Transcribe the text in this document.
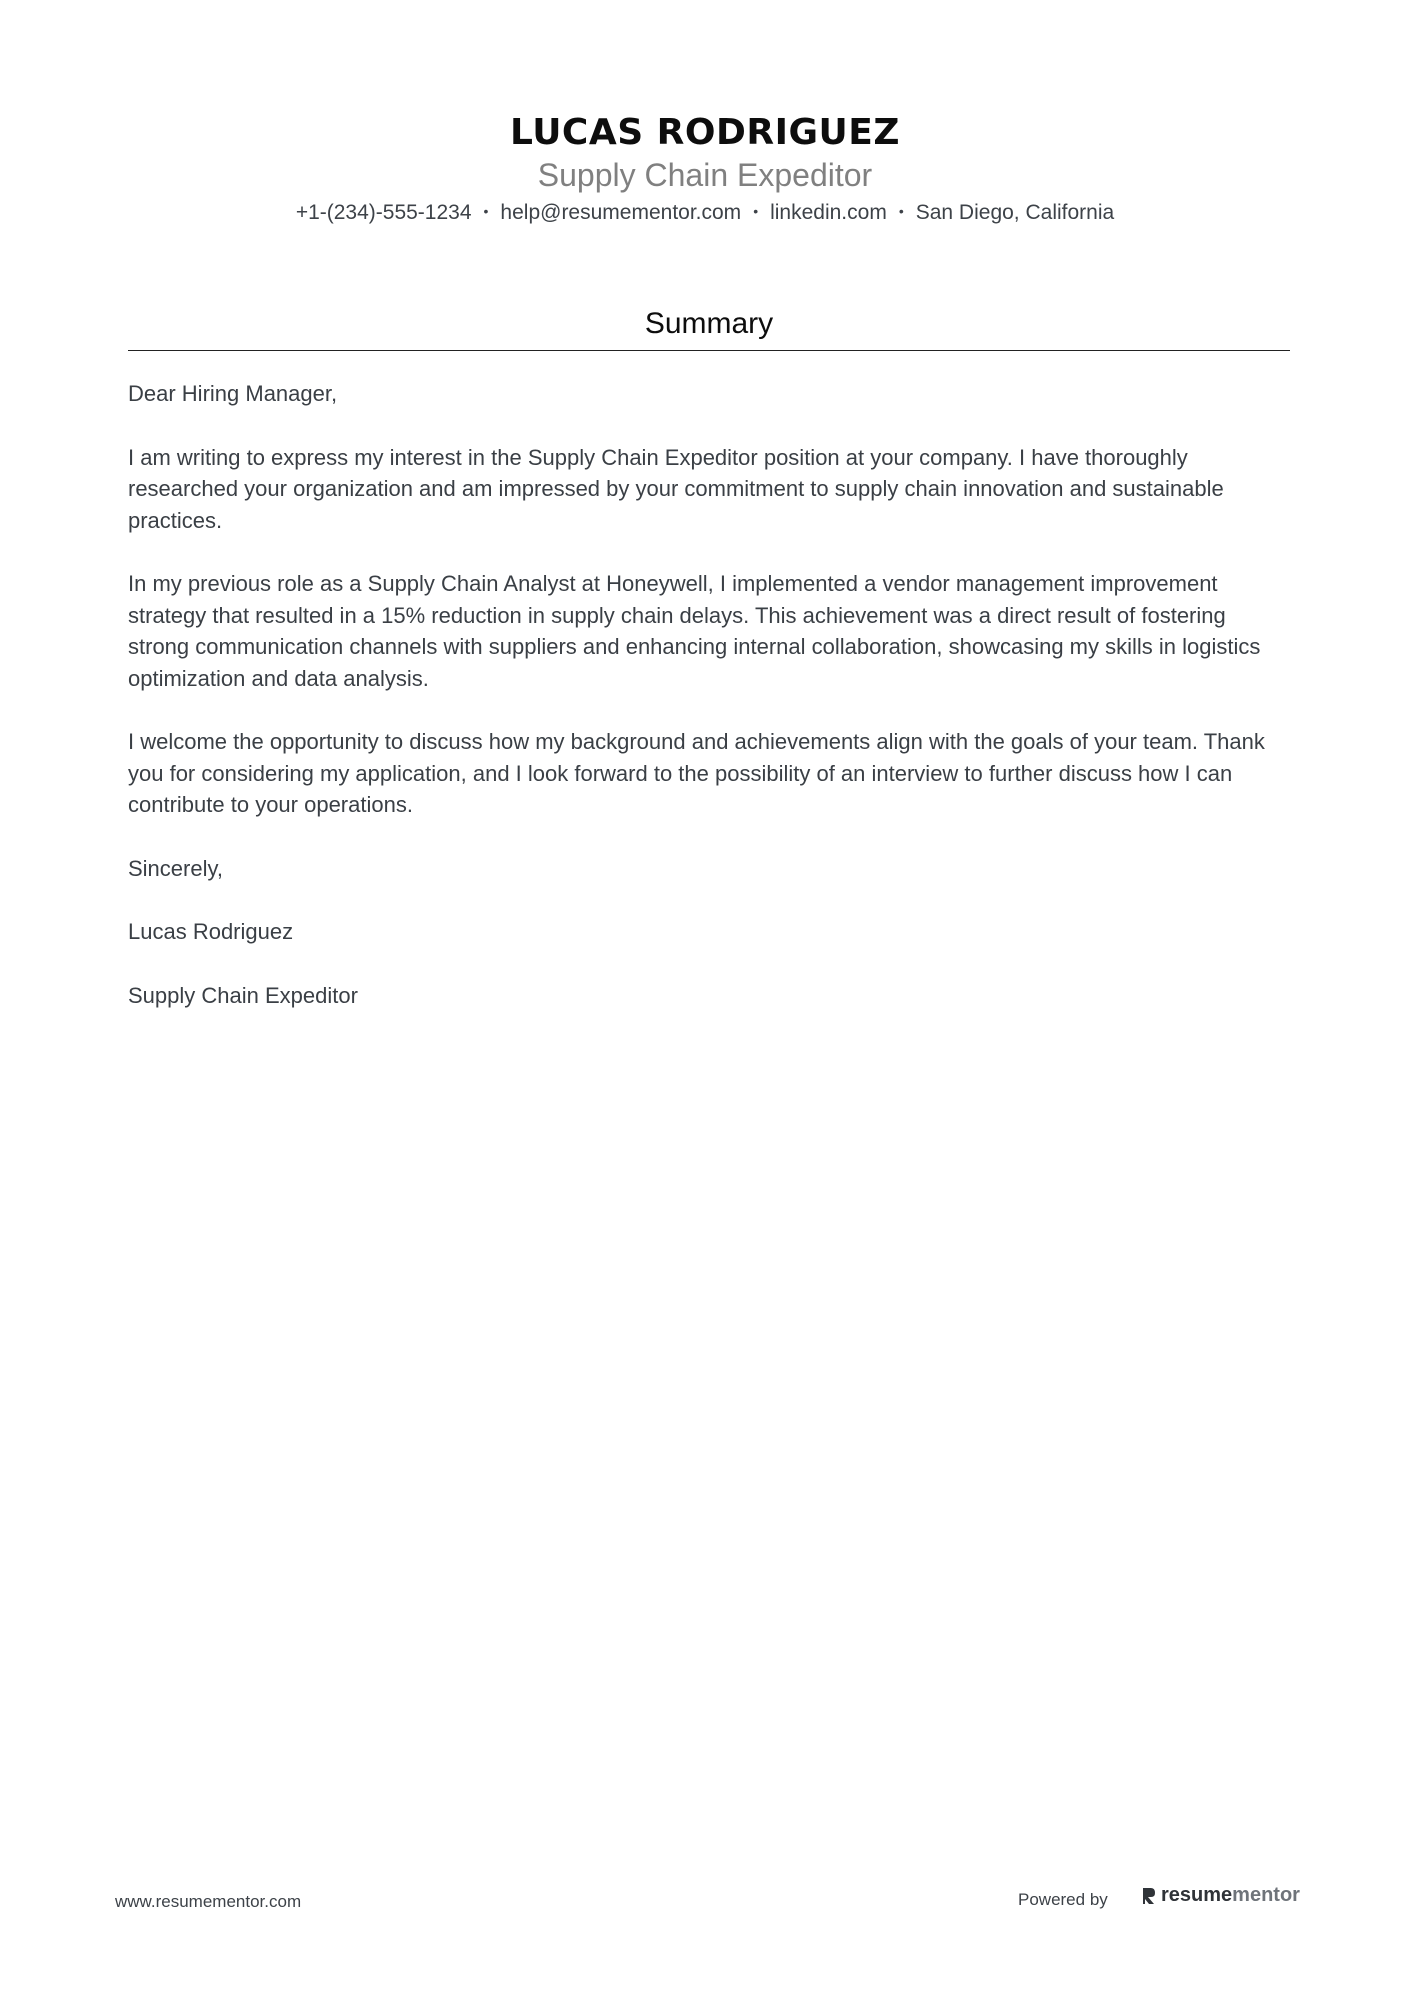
LUCAS RODRIGUEZ
Supply Chain Expeditor
+1-(234)-555-1234 • help@resumementor.com • linkedin.com • San Diego, California
Summary

Dear Hiring Manager,

I am writing to express my interest in the Supply Chain Expeditor position at your company. I have thoroughly researched your organization and am impressed by your commitment to supply chain innovation and sustainable practices.

In my previous role as a Supply Chain Analyst at Honeywell, I implemented a vendor management improvement strategy that resulted in a 15% reduction in supply chain delays. This achievement was a direct result of fostering strong communication channels with suppliers and enhancing internal collaboration, showcasing my skills in logistics optimization and data analysis.

I welcome the opportunity to discuss how my background and achievements align with the goals of your team. Thank you for considering my application, and I look forward to the possibility of an interview to further discuss how I can contribute to your operations.

Sincerely,

Lucas Rodriguez

Supply Chain Expeditor

www.resumementor.com	Powered by	resume mentor
